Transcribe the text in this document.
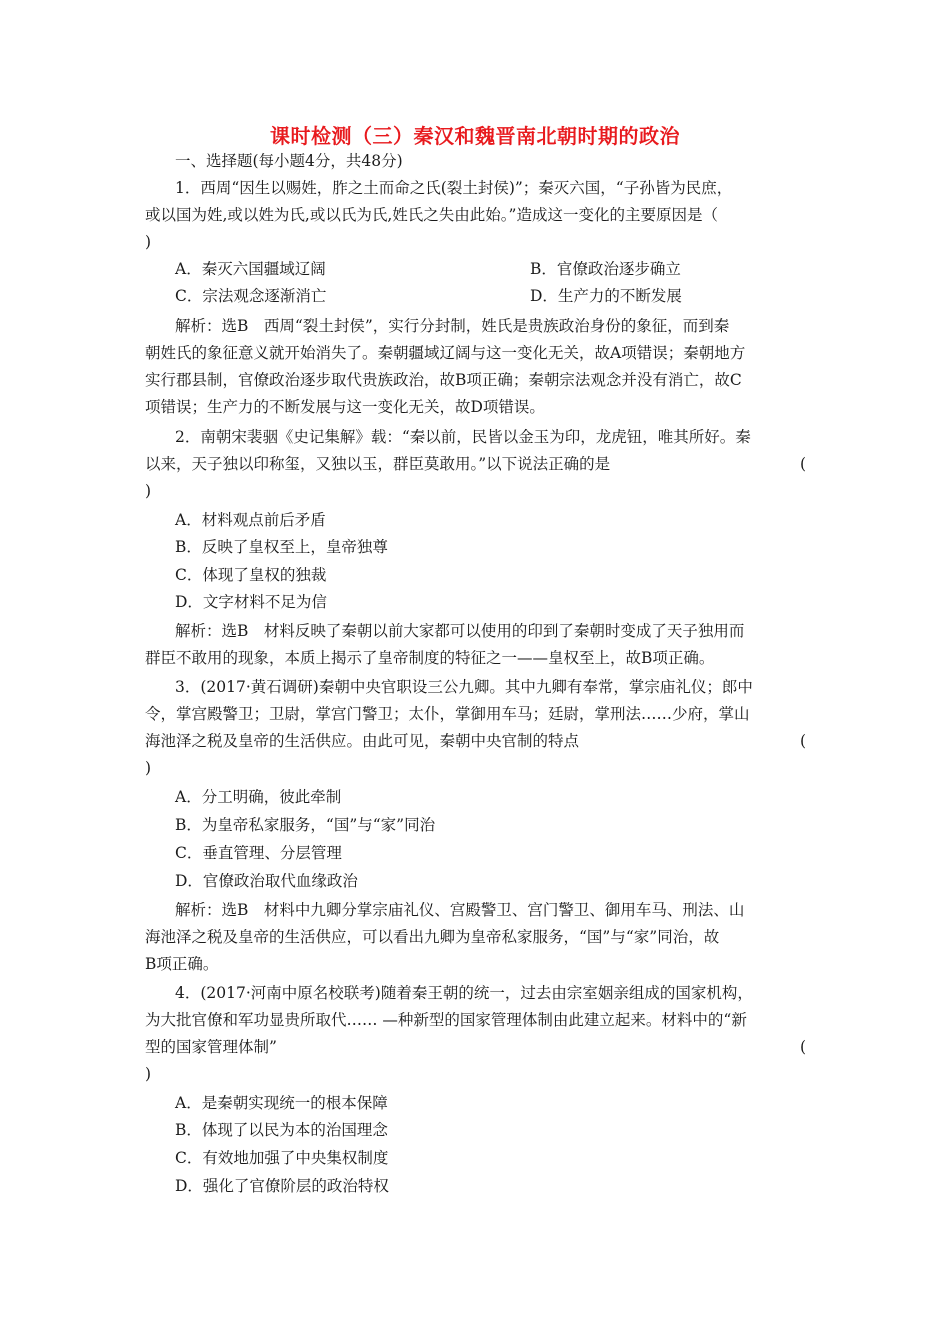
课时检测（三）秦汉和魏晋南北朝时期的政治
一、选择题(每小题4分，共48分)
1．西周“因生以赐姓，胙之土而命之氏(裂土封侯)”；秦灭六国，“子孙皆为民庶，
或以国为姓,或以姓为氏,或以氏为氏,姓氏之失由此始。”造成这一变化的主要原因是（
)
A．秦灭六国疆域辽阔	B．官僚政治逐步确立
C．宗法观念逐渐消亡	D．生产力的不断发展
解析：选B　西周“裂土封侯”，实行分封制，姓氏是贵族政治身份的象征，而到秦
朝姓氏的象征意义就开始消失了。秦朝疆域辽阔与这一变化无关，故A项错误；秦朝地方
实行郡县制，官僚政治逐步取代贵族政治，故B项正确；秦朝宗法观念并没有消亡，故C
项错误；生产力的不断发展与这一变化无关，故D项错误。
2．南朝宋裴骃《史记集解》载：“秦以前，民皆以金玉为印，龙虎钮，唯其所好。秦
以来，天子独以印称玺，又独以玉，群臣莫敢用。”以下说法正确的是	(
)
A．材料观点前后矛盾
B．反映了皇权至上，皇帝独尊
C．体现了皇权的独裁
D．文字材料不足为信
解析：选B　材料反映了秦朝以前大家都可以使用的印到了秦朝时变成了天子独用而
群臣不敢用的现象，本质上揭示了皇帝制度的特征之一——皇权至上，故B项正确。
3．(2017·黄石调研)秦朝中央官职设三公九卿。其中九卿有奉常，掌宗庙礼仪；郎中
令，掌宫殿警卫；卫尉，掌宫门警卫；太仆，掌御用车马；廷尉，掌刑法……少府，掌山
海池泽之税及皇帝的生活供应。由此可见，秦朝中央官制的特点	(
)
A．分工明确，彼此牵制
B．为皇帝私家服务，“国”与“家”同治
C．垂直管理、分层管理
D．官僚政治取代血缘政治
解析：选B　材料中九卿分掌宗庙礼仪、宫殿警卫、宫门警卫、御用车马、刑法、山
海池泽之税及皇帝的生活供应，可以看出九卿为皇帝私家服务，“国”与“家”同治，故
B项正确。
4．(2017·河南中原名校联考)随着秦王朝的统一，过去由宗室姻亲组成的国家机构，
为大批官僚和军功显贵所取代…… —种新型的国家管理体制由此建立起来。材料中的“新
型的国家管理体制”	(
)
A．是秦朝实现统一的根本保障
B．体现了以民为本的治国理念
C．有效地加强了中央集权制度
D．强化了官僚阶层的政治特权
